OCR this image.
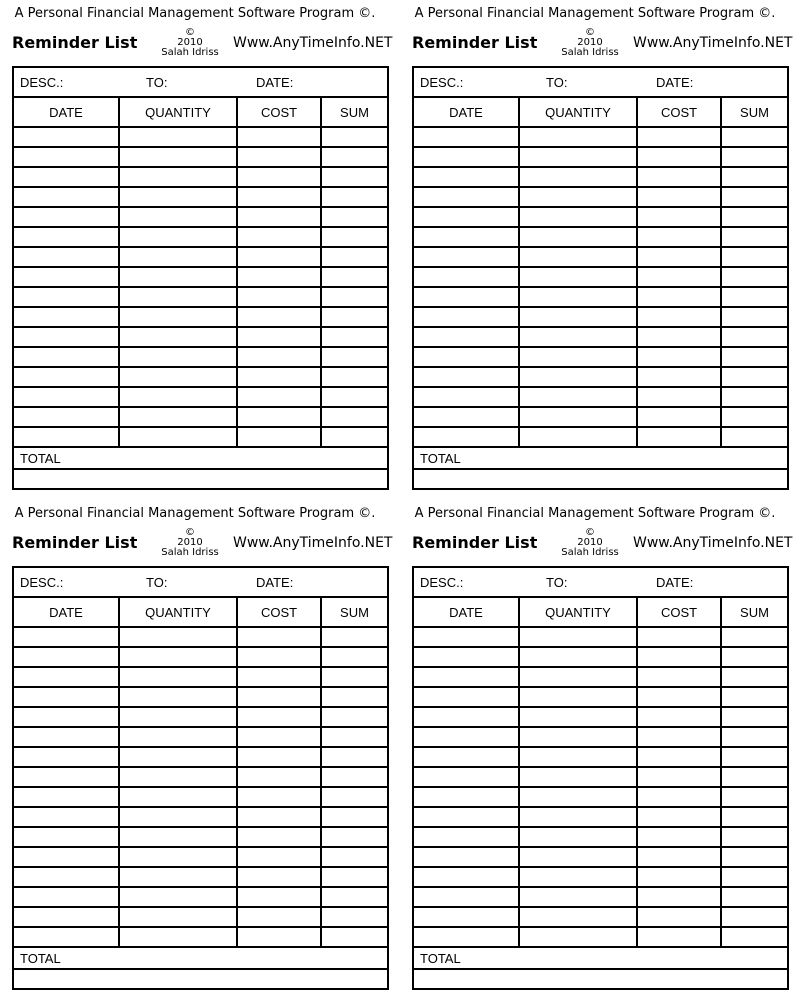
A Personal Financial Management Software Program ©.
Reminder List
©
2010
Salah Idriss
Www.AnyTimeInfo.NET
DESC.:	TO:	DATE:
DATE	QUANTITY	COST	SUM
TOTAL
A Personal Financial Management Software Program ©.
Reminder List
©
2010
Salah Idriss
Www.AnyTimeInfo.NET
DESC.:	TO:	DATE:
DATE	QUANTITY	COST	SUM
TOTAL
A Personal Financial Management Software Program ©.
Reminder List
©
2010
Salah Idriss
Www.AnyTimeInfo.NET
DESC.:	TO:	DATE:
DATE	QUANTITY	COST	SUM
TOTAL
A Personal Financial Management Software Program ©.
Reminder List
©
2010
Salah Idriss
Www.AnyTimeInfo.NET
DESC.:	TO:	DATE:
DATE	QUANTITY	COST	SUM
TOTAL
